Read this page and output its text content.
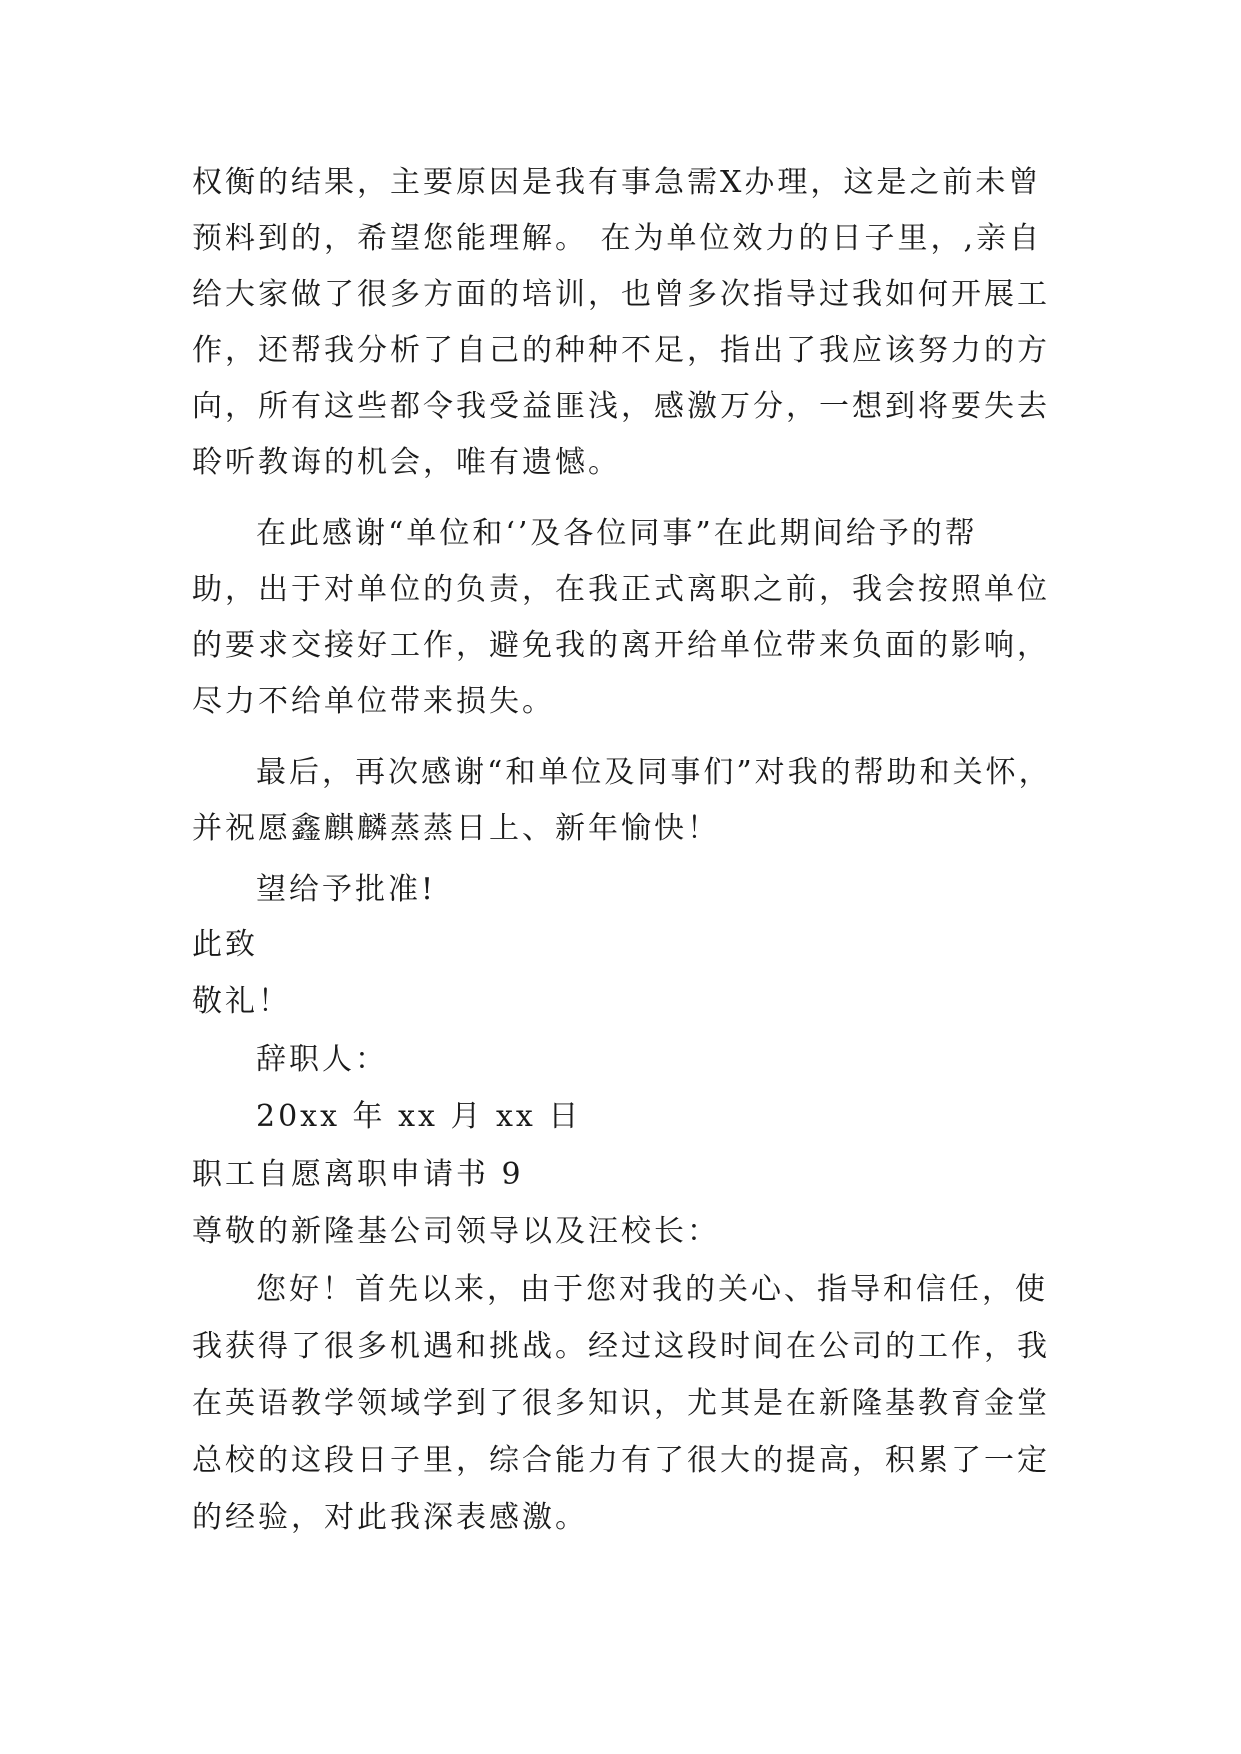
权衡的结果，主要原因是我有事急需X办理，这是之前未曾
预料到的，希望您能理解。 在为单位效力的日子里，,亲自
给大家做了很多方面的培训，也曾多次指导过我如何开展工
作，还帮我分析了自己的种种不足，指出了我应该努力的方
向，所有这些都令我受益匪浅，感激万分，一想到将要失去
聆听教诲的机会，唯有遗憾。
在此感谢“单位和‘’及各位同事”在此期间给予的帮
助，出于对单位的负责，在我正式离职之前，我会按照单位
的要求交接好工作，避免我的离开给单位带来负面的影响，
尽力不给单位带来损失。
最后，再次感谢“和单位及同事们”对我的帮助和关怀，
并祝愿鑫麒麟蒸蒸日上、新年愉快！
望给予批准!
此致
敬礼！
辞职人：
20xx 年 xx 月 xx 日
职工自愿离职申请书 9
尊敬的新隆基公司领导以及汪校长：
您好！首先以来，由于您对我的关心、指导和信任，使
我获得了很多机遇和挑战。经过这段时间在公司的工作，我
在英语教学领域学到了很多知识，尤其是在新隆基教育金堂
总校的这段日子里，综合能力有了很大的提高，积累了一定
的经验，对此我深表感激。
